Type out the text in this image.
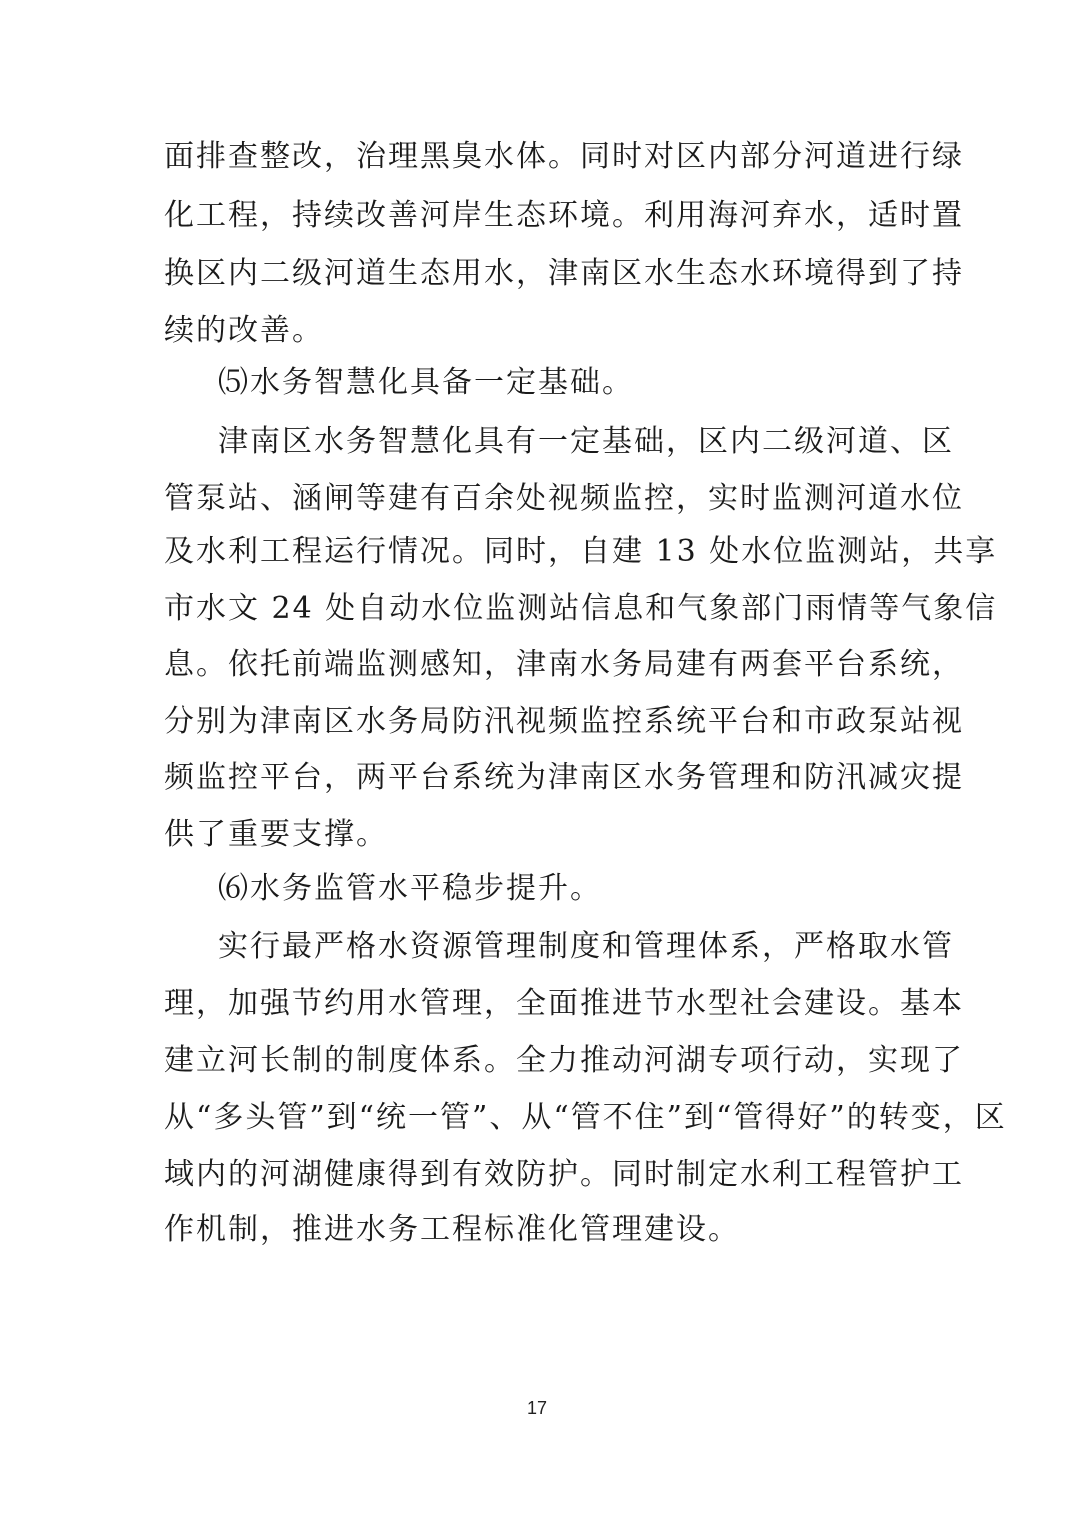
面排查整改，治理黑臭水体。同时对区内部分河道进行绿
化工程，持续改善河岸生态环境。利用海河弃水，适时置
换区内二级河道生态用水，津南区水生态水环境得到了持
续的改善。
⑸水务智慧化具备一定基础。
津南区水务智慧化具有一定基础，区内二级河道、区
管泵站、涵闸等建有百余处视频监控，实时监测河道水位
及水利工程运行情况。同时，自建 13 处水位监测站，共享
市水文 24 处自动水位监测站信息和气象部门雨情等气象信
息。依托前端监测感知，津南水务局建有两套平台系统，
分别为津南区水务局防汛视频监控系统平台和市政泵站视
频监控平台，两平台系统为津南区水务管理和防汛减灾提
供了重要支撑。
⑹水务监管水平稳步提升。
实行最严格水资源管理制度和管理体系，严格取水管
理，加强节约用水管理，全面推进节水型社会建设。基本
建立河长制的制度体系。全力推动河湖专项行动，实现了
从“多头管”到“统一管”、从“管不住”到“管得好”的转变，区
域内的河湖健康得到有效防护。同时制定水利工程管护工
作机制，推进水务工程标准化管理建设。
17
